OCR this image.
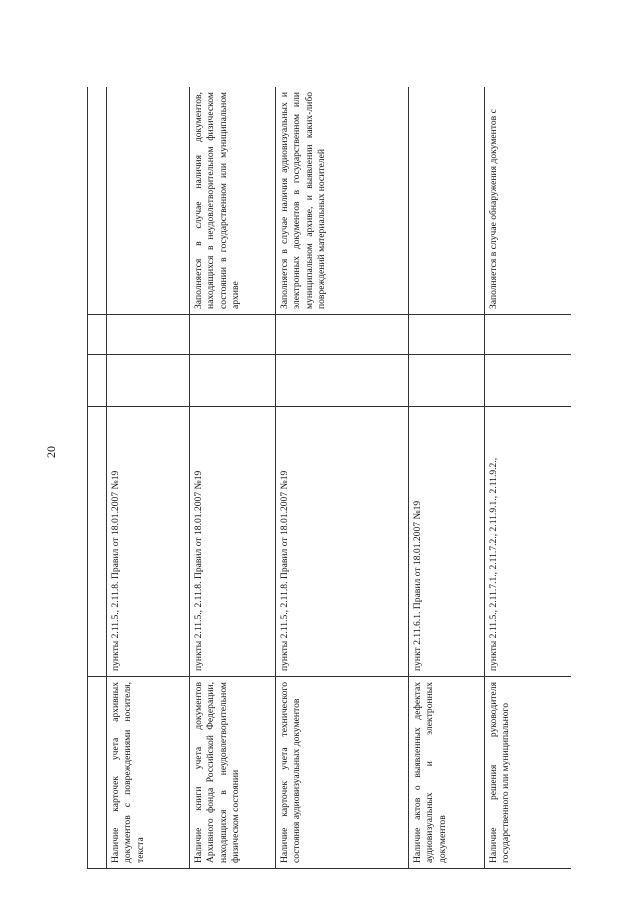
20

Наличие карточек учета архивных документов с повреждениями носителя, текста	пункты 2.11.5., 2.11.8. Правил от 18.01.2007 №19			
Наличие книги учета документов Архивного фонда Российской Федерации, находящихся в неудовлетворительном физическом состоянии	пункты 2.11.5., 2.11.8. Правил от 18.01.2007 №19			Заполняется в случае наличия документов, находящихся в неудовлетворительном физическом состоянии в государственном или муниципальном архиве
Наличие карточек учета технического состояния аудиовизуальных документов	пункты 2.11.5., 2.11.8. Правил от 18.01.2007 №19			Заполняется в случае наличия аудиовизуальных и электронных документов в государственном или муниципальном архиве, и выявлении каких-либо повреждений материальных носителей
Наличие актов о выявленных дефектах аудиовизуальных и электронных документов	пункт 2.11.6.1. Правил от 18.01.2007 №19			
Наличие решения руководителя государственного или муниципального	пункты 2.11.5., 2.11.7.1., 2.11.7.2., 2.11.9.1., 2.11.9.2.,			Заполняется в случае обнаружения документов с
